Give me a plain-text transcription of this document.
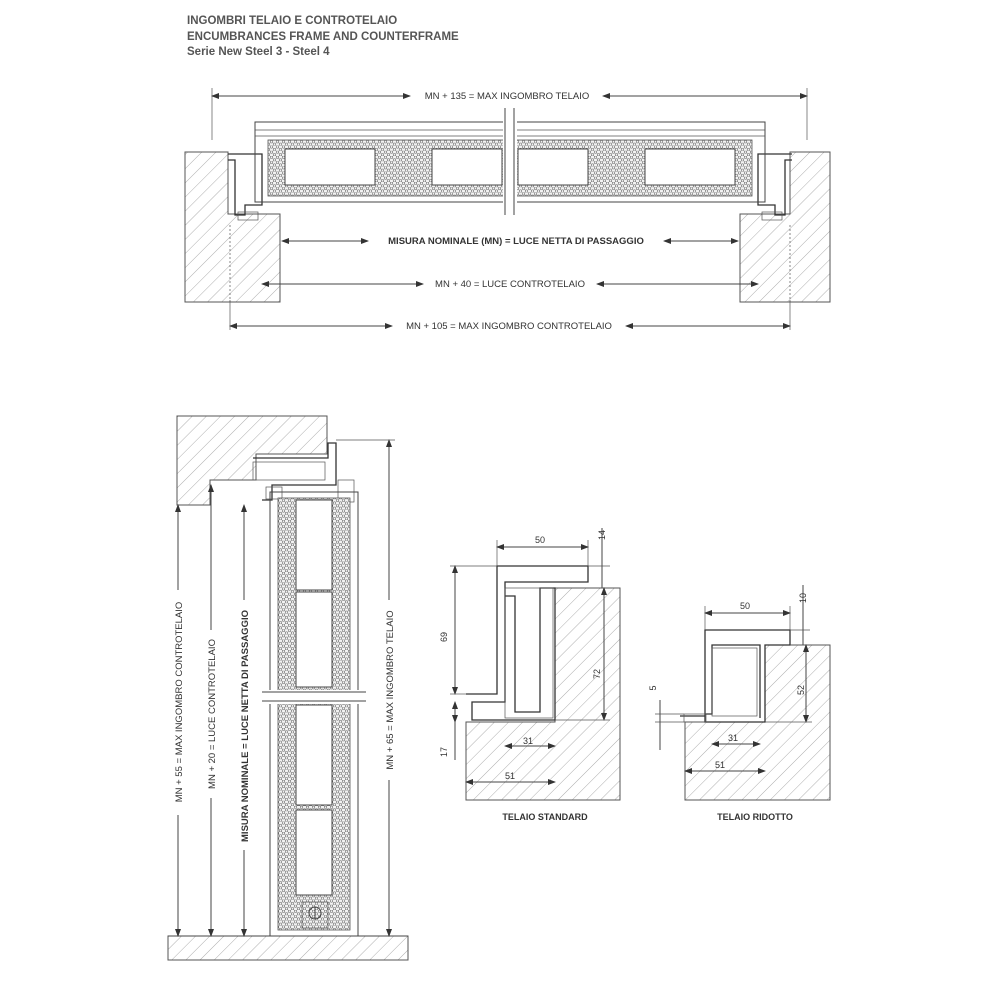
INGOMBRI TELAIO E CONTROTELAIO
ENCUMBRANCES FRAME AND COUNTERFRAME
Serie New Steel 3 - Steel 4
MN + 135 = MAX INGOMBRO TELAIO
MISURA NOMINALE (MN) = LUCE NETTA DI PASSAGGIO
MN + 40 = LUCE CONTROTELAIO
MN + 105 = MAX INGOMBRO CONTROTELAIO
MN + 55 = MAX INGOMBRO CONTROTELAIO MN + 20 = LUCE CONTROTELAIO MISURA NOMINALE = LUCE NETTA DI PASSAGGIO	MN + 65 = MAX INGOMBRO TELAIO
50	14
69
72
17
31
51
TELAIO STANDARD
50
10
52
5
31
51
TELAIO RIDOTTO
